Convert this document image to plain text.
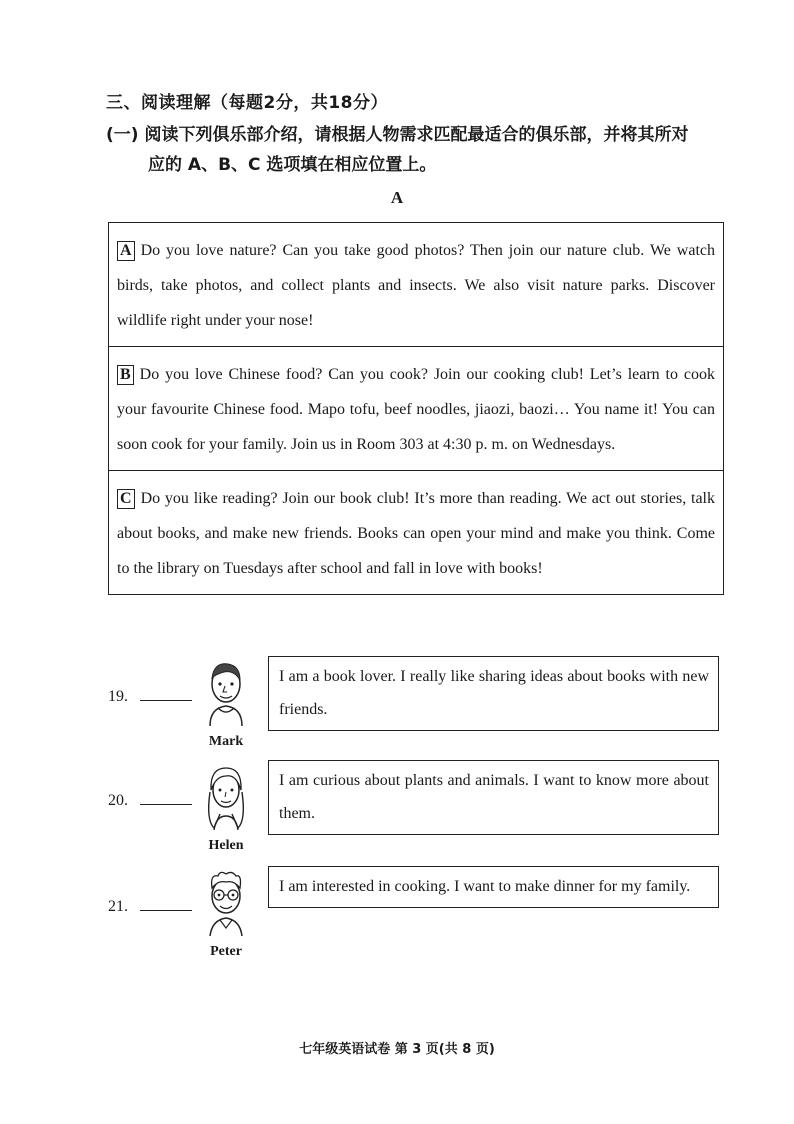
三、阅读理解（每题2分，共18分）
(一) 阅读下列俱乐部介绍，请根据人物需求匹配最适合的俱乐部，并将其所对
应的 A、B、C 选项填在相应位置上。
A
A Do you love nature? Can you take good photos? Then join our nature club. We watch birds, take photos, and collect plants and insects. We also visit nature parks. Discover wildlife right under your nose!
B Do you love Chinese food? Can you cook? Join our cooking club! Let’s learn to cook your favourite Chinese food. Mapo tofu, beef noodles, jiaozi, baozi… You name it! You can soon cook for your family. Join us in Room 303 at 4:30 p. m. on Wednesdays.
C Do you like reading? Join our book club! It’s more than reading. We act out stories, talk about books, and make new friends. Books can open your mind and make you think. Come to the library on Tuesdays after school and fall in love with books!
19.
Mark
I am a book lover. I really like sharing ideas about books with new friends.
20.
Helen
I am curious about plants and animals. I want to know more about them.
21.
Peter
I am interested in cooking. I want to make dinner for my family.
七年级英语试卷 第 3 页(共 8 页)
